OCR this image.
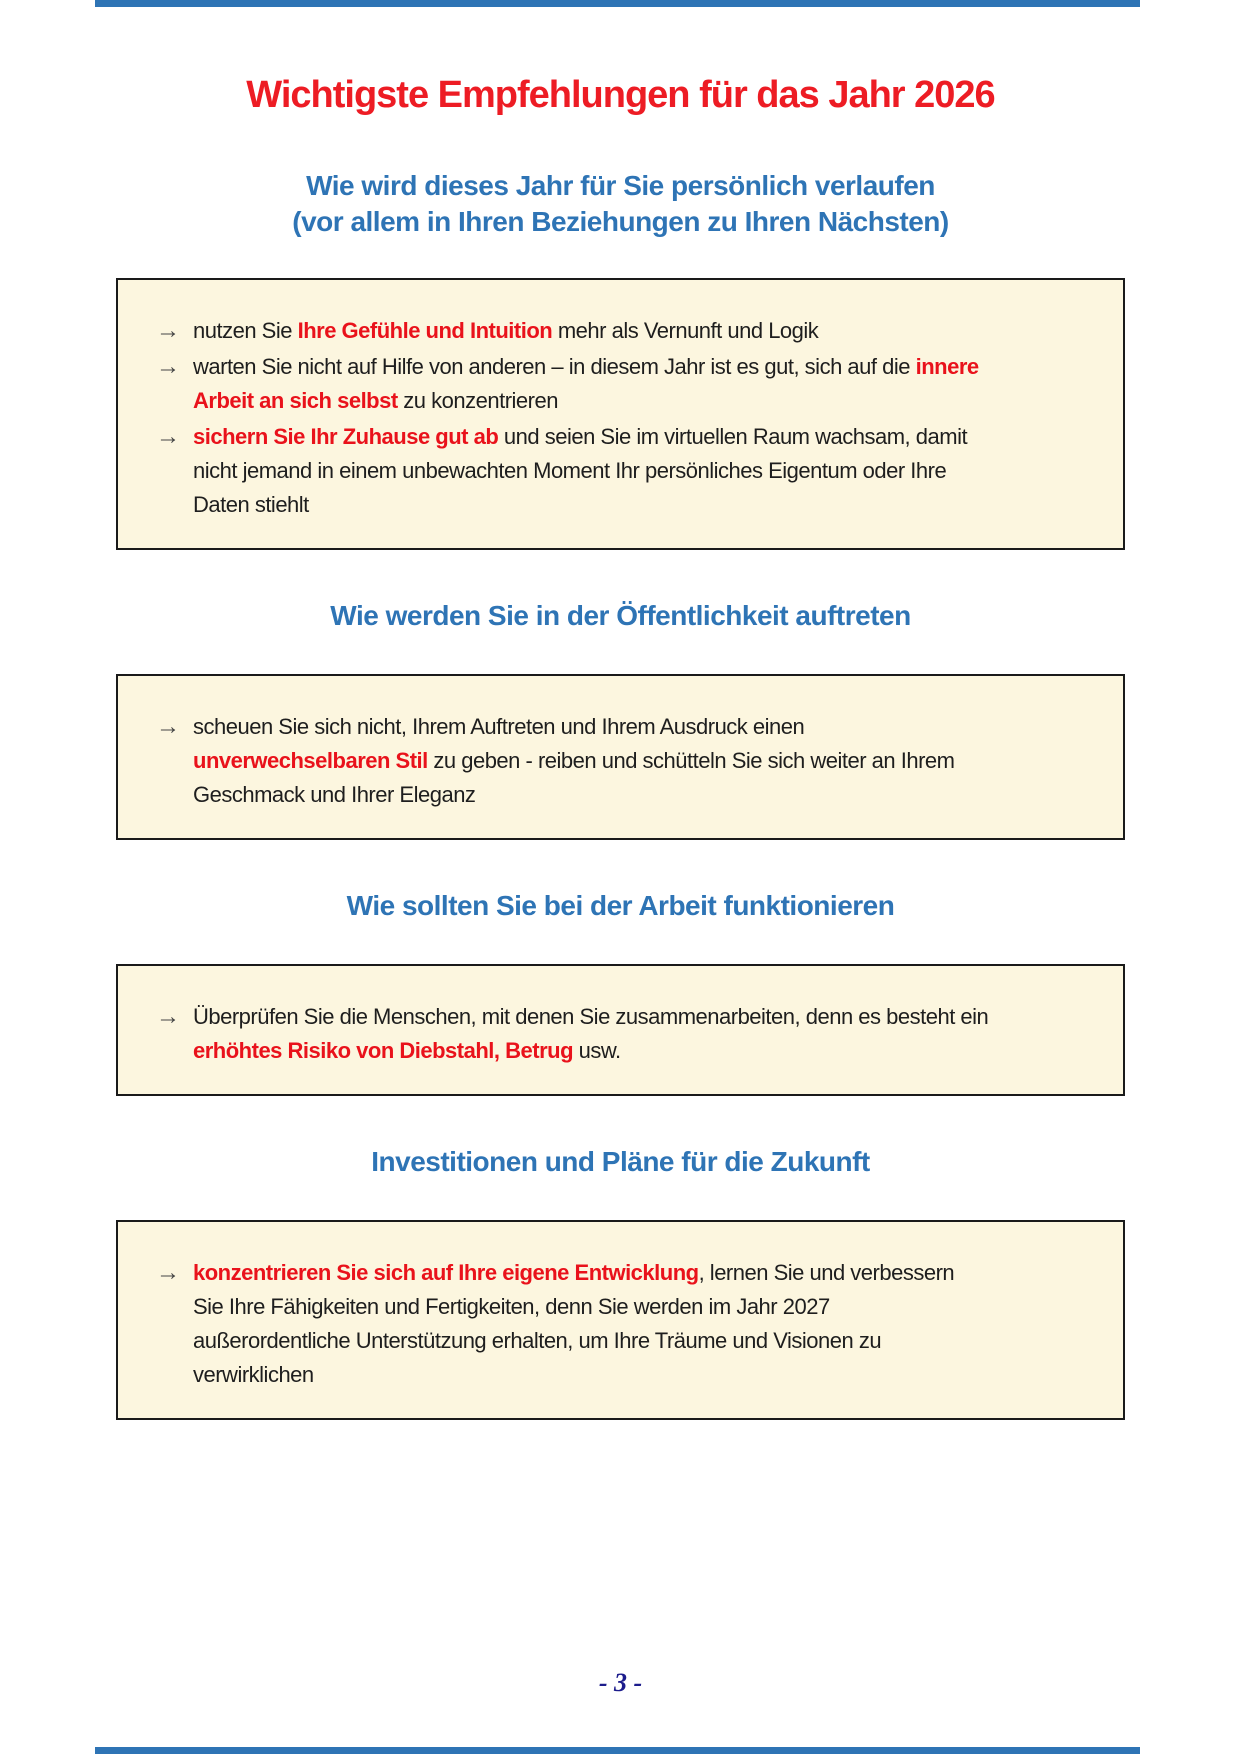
Wichtigste Empfehlungen für das Jahr 2026
Wie wird dieses Jahr für Sie persönlich verlaufen
(vor allem in Ihren Beziehungen zu Ihren Nächsten)
→ nutzen Sie Ihre Gefühle und Intuition mehr als Vernunft und Logik
→ warten Sie nicht auf Hilfe von anderen – in diesem Jahr ist es gut, sich auf die innere
Arbeit an sich selbst zu konzentrieren
→ sichern Sie Ihr Zuhause gut ab und seien Sie im virtuellen Raum wachsam, damit
nicht jemand in einem unbewachten Moment Ihr persönliches Eigentum oder Ihre
Daten stiehlt
Wie werden Sie in der Öffentlichkeit auftreten
→ scheuen Sie sich nicht, Ihrem Auftreten und Ihrem Ausdruck einen
unverwechselbaren Stil zu geben - reiben und schütteln Sie sich weiter an Ihrem
Geschmack und Ihrer Eleganz
Wie sollten Sie bei der Arbeit funktionieren
→ Überprüfen Sie die Menschen, mit denen Sie zusammenarbeiten, denn es besteht ein
erhöhtes Risiko von Diebstahl, Betrug usw.
Investitionen und Pläne für die Zukunft
→ konzentrieren Sie sich auf Ihre eigene Entwicklung, lernen Sie und verbessern
Sie Ihre Fähigkeiten und Fertigkeiten, denn Sie werden im Jahr 2027
außerordentliche Unterstützung erhalten, um Ihre Träume und Visionen zu
verwirklichen
- 3 -
